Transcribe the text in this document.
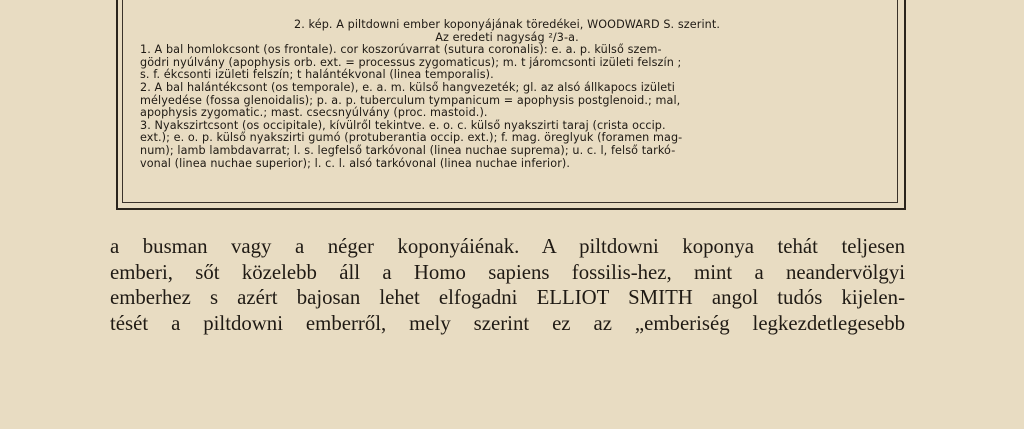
2. kép. A piltdowni ember koponyájának töredékei, WOODWARD S. szerint.
Az eredeti nagyság ²/3-a.

1. A bal homlokcsont (os frontale). cor koszorúvarrat (sutura coronalis): e. a. p. külső szem-

gödri nyúlvány (apophysis orb. ext. = processus zygomaticus); m. t járomcsonti izületi felszín ;

s. f. ékcsonti izületi felszín; t halántékvonal (linea temporalis).

2. A bal halántékcsont (os temporale), e. a. m. külső hangvezeték; gl. az alsó állkapocs izületi

mélyedése (fossa glenoidalis); p. a. p. tuberculum tympanicum = apophysis postglenoid.; mal,

apophysis zygomatic.; mast. csecsnyúlvány (proc. mastoid.).

3. Nyakszirtcsont (os occipitale), kívülről tekintve. e. o. c. külső nyakszirti taraj (crista occip.

ext.); e. o. p. külső nyakszirti gumó (protuberantia occip. ext.); f. mag. öreglyuk (foramen mag-

num); lamb lambdavarrat; l. s. legfelső tarkóvonal (linea nuchae suprema); u. c. l, felső tarkó-

vonal (linea nuchae superior); l. c. l. alsó tarkóvonal (linea nuchae inferior).

a busman vagy a néger koponyáiénak. A piltdowni koponya tehát teljesen
emberi, sőt közelebb áll a Homo sapiens fossilis-hez, mint a neandervölgyi
emberhez s azért bajosan lehet elfogadni ELLIOT SMITH angol tudós kijelen-
tését a piltdowni emberről, mely szerint ez az „emberiség legkezdetlegesebb
